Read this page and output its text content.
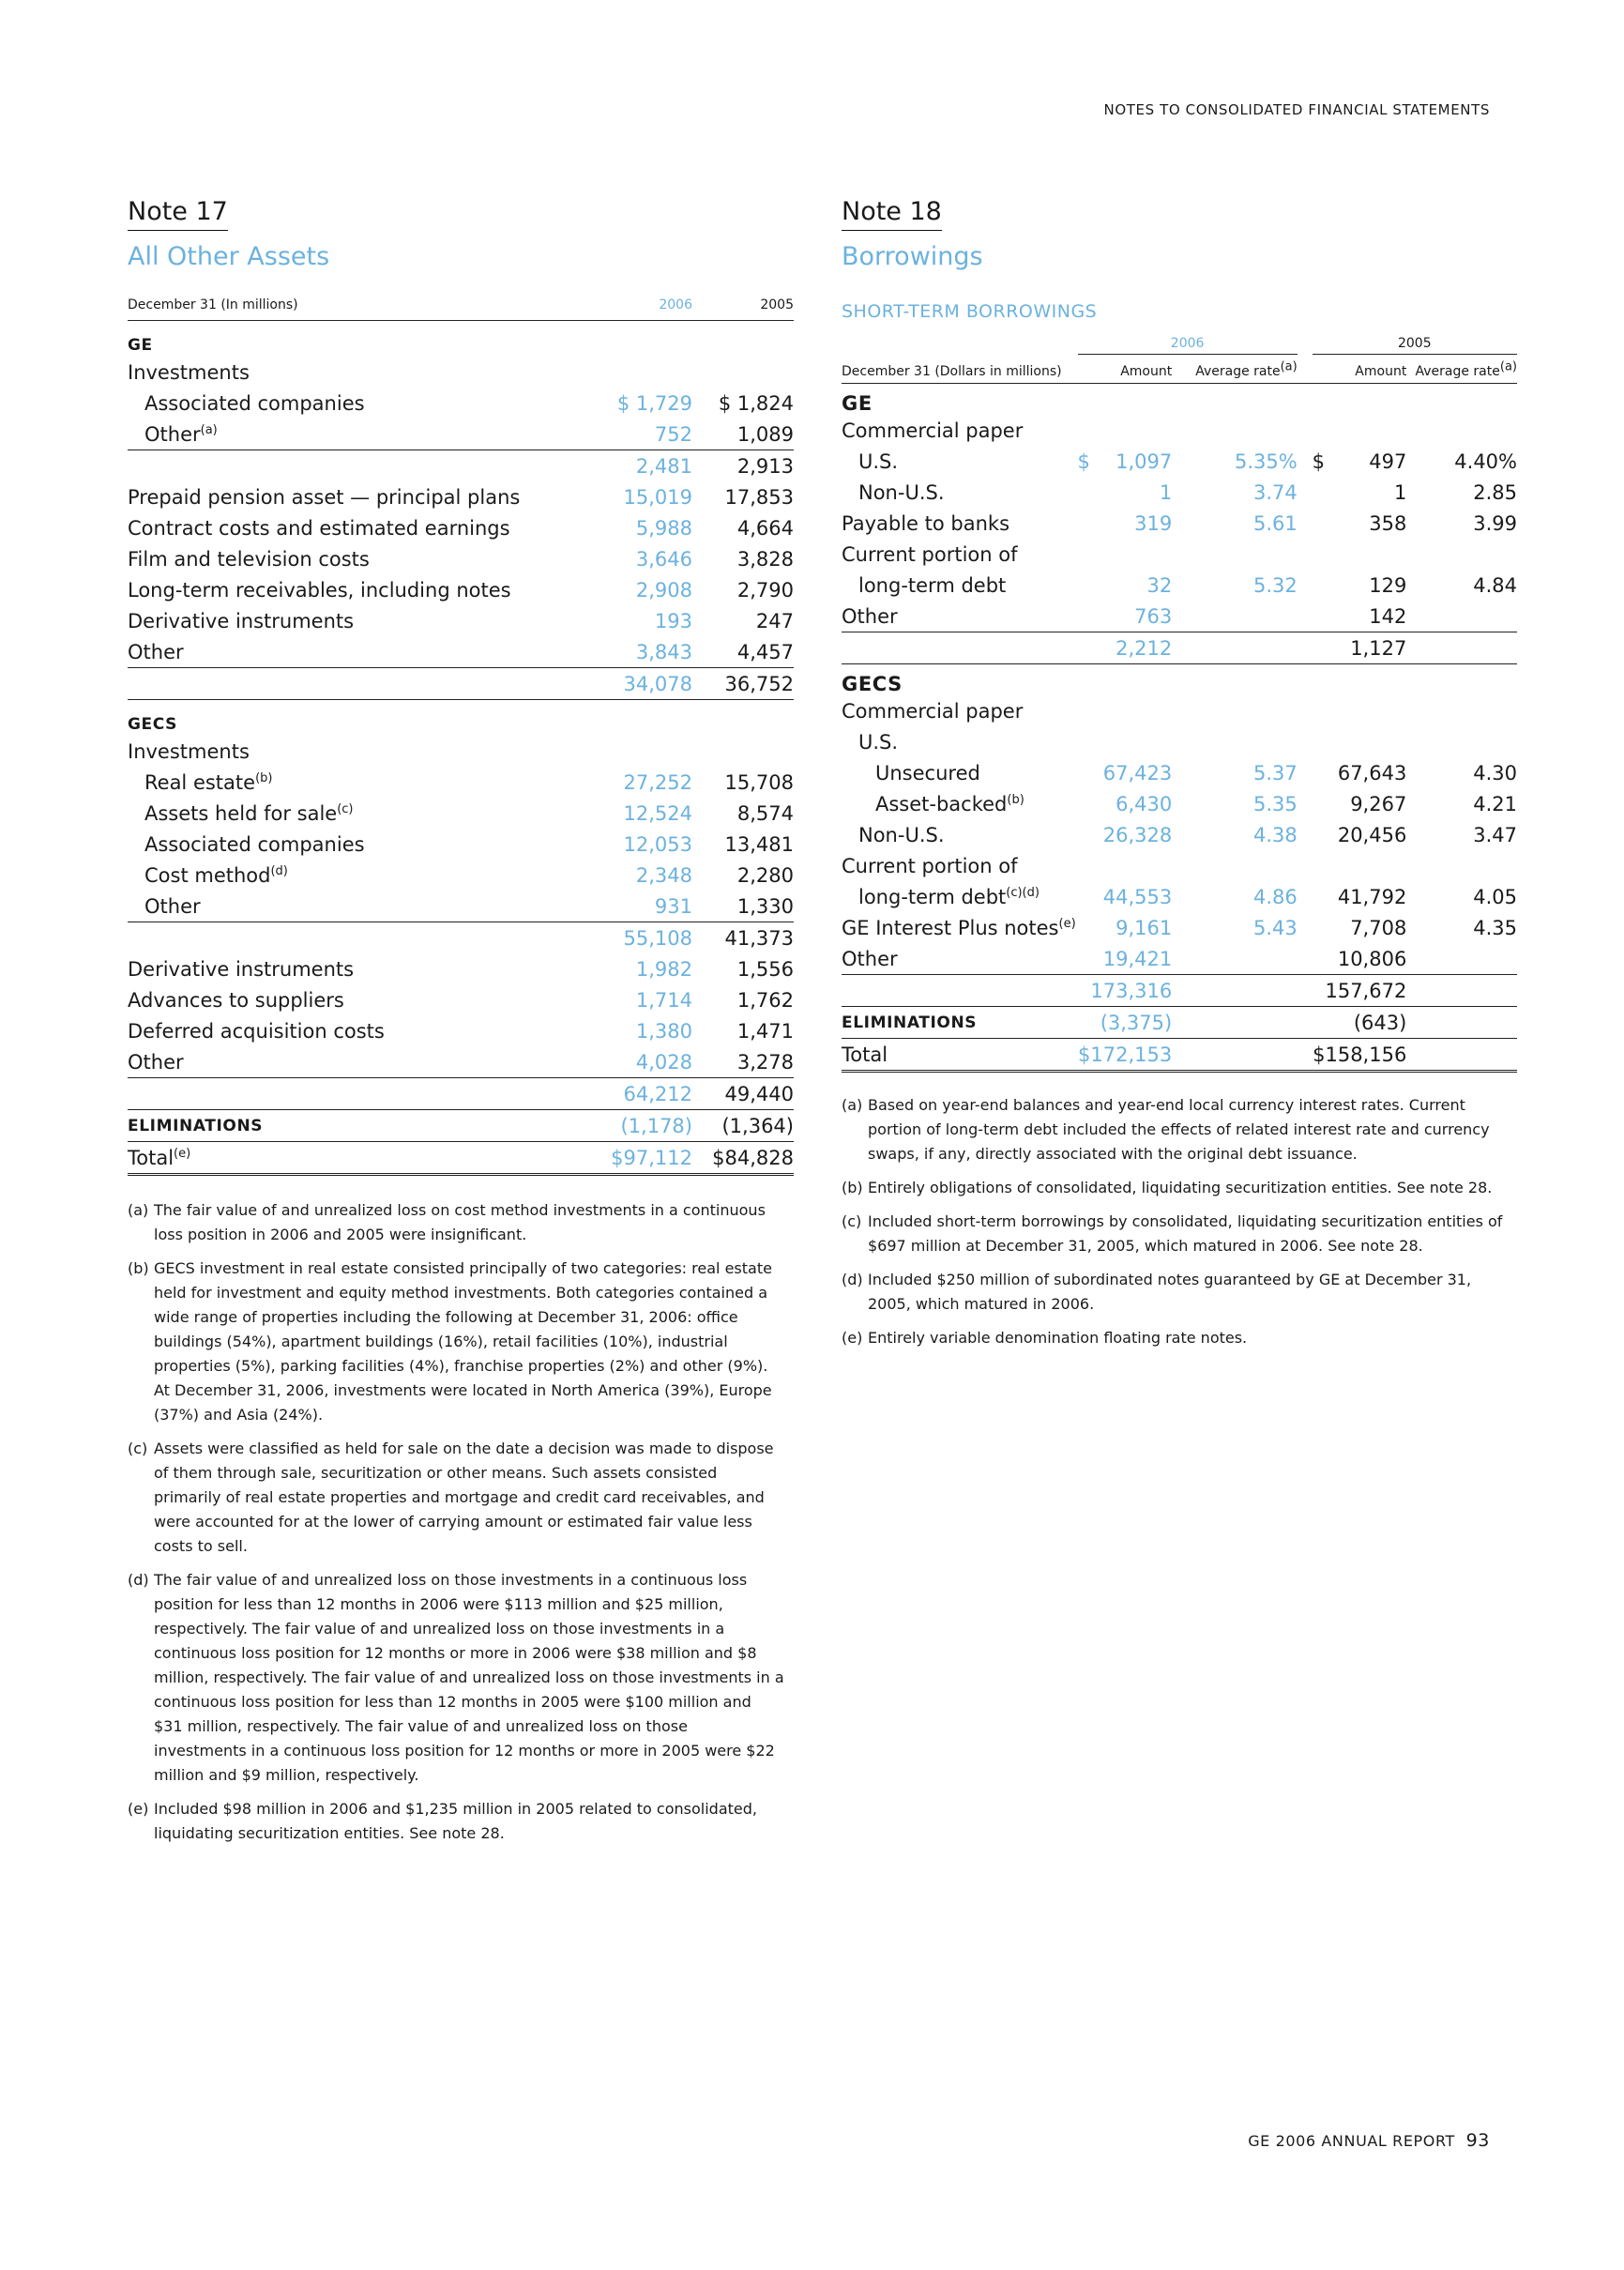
NOTES TO CONSOLIDATED FINANCIAL STATEMENTS
Note 17
All Other Assets
December 31 (In millions)	2006	2005
GE		
Investments		
Associated companies	$ 1,729	$ 1,824
Other$^{(a)}$	752	1,089
	2,481	2,913
Prepaid pension asset — principal plans	15,019	17,853
Contract costs and estimated earnings	5,988	4,664
Film and television costs	3,646	3,828
Long-term receivables, including notes	2,908	2,790
Derivative instruments	193	247
Other	3,843	4,457
	34,078	36,752
GECS		
Investments		
Real estate$^{(b)}$	27,252	15,708
Assets held for sale$^{(c)}$	12,524	8,574
Associated companies	12,053	13,481
Cost method$^{(d)}$	2,348	2,280
Other	931	1,330
	55,108	41,373
Derivative instruments	1,982	1,556
Advances to suppliers	1,714	1,762
Deferred acquisition costs	1,380	1,471
Other	4,028	3,278
	64,212	49,440
ELIMINATIONS	(1,178)	(1,364)
Total$^{(e)}$	$97,112	$84,828

(a) The fair value of and unrealized loss on cost method investments in a continuous loss position in 2006 and 2005 were insignificant.

(b) GECS investment in real estate consisted principally of two categories: real estate held for investment and equity method investments. Both categories contained a wide range of properties including the following at December 31, 2006: office buildings (54%), apartment buildings (16%), retail facilities (10%), industrial properties (5%), parking facilities (4%), franchise properties (2%) and other (9%). At December 31, 2006, investments were located in North America (39%), Europe (37%) and Asia (24%).

(c) Assets were classified as held for sale on the date a decision was made to dispose of them through sale, securitization or other means. Such assets consisted primarily of real estate properties and mortgage and credit card receivables, and were accounted for at the lower of carrying amount or estimated fair value less costs to sell.

(d) The fair value of and unrealized loss on those investments in a continuous loss position for less than 12 months in 2006 were $113 million and $25 million, respectively. The fair value of and unrealized loss on those investments in a continuous loss position for 12 months or more in 2006 were $38 million and $8 million, respectively. The fair value of and unrealized loss on those investments in a continuous loss position for less than 12 months in 2005 were $100 million and $31 million, respectively. The fair value of and unrealized loss on those investments in a continuous loss position for 12 months or more in 2005 were $22 million and $9 million, respectively.

(e) Included $98 million in 2006 and $1,235 million in 2005 related to consolidated, liquidating securitization entities. See note 28.

Note 18
Borrowings
SHORT-TERM BORROWINGS
	2006				2005		
December 31 (Dollars in millions)	Amount		Average rate$^{(a)}$		Amount		Average rate$^{(a)}$
GE							
Commercial paper							
U.S.	$	1,097	5.35%		$	497	4.40%
Non-U.S.		1	3.74			1	2.85
Payable to banks		319	5.61			358	3.99
Current portion of							
long-term debt		32	5.32			129	4.84
Other		763				142	
		2,212				1,127	
GECS							
Commercial paper							
U.S.							
Unsecured		67,423	5.37			67,643	4.30
Asset-backed$^{(b)}$		6,430	5.35			9,267	4.21
Non-U.S.		26,328	4.38			20,456	3.47
Current portion of							
long-term debt$^{(c)(d)}$		44,553	4.86			41,792	4.05
GE Interest Plus notes$^{(e)}$		9,161	5.43			7,708	4.35
Other		19,421				10,806	
		173,316				157,672	
ELIMINATIONS		(3,375)				(643)	
Total	$172,153				$158,156		

(a) Based on year-end balances and year-end local currency interest rates. Current portion of long-term debt included the effects of related interest rate and currency swaps, if any, directly associated with the original debt issuance.

(b) Entirely obligations of consolidated, liquidating securitization entities. See note 28.

(c) Included short-term borrowings by consolidated, liquidating securitization entities of $697 million at December 31, 2005, which matured in 2006. See note 28.

(d) Included $250 million of subordinated notes guaranteed by GE at December 31, 2005, which matured in 2006.

(e) Entirely variable denomination floating rate notes.

GE 2006 ANNUAL REPORT 93
